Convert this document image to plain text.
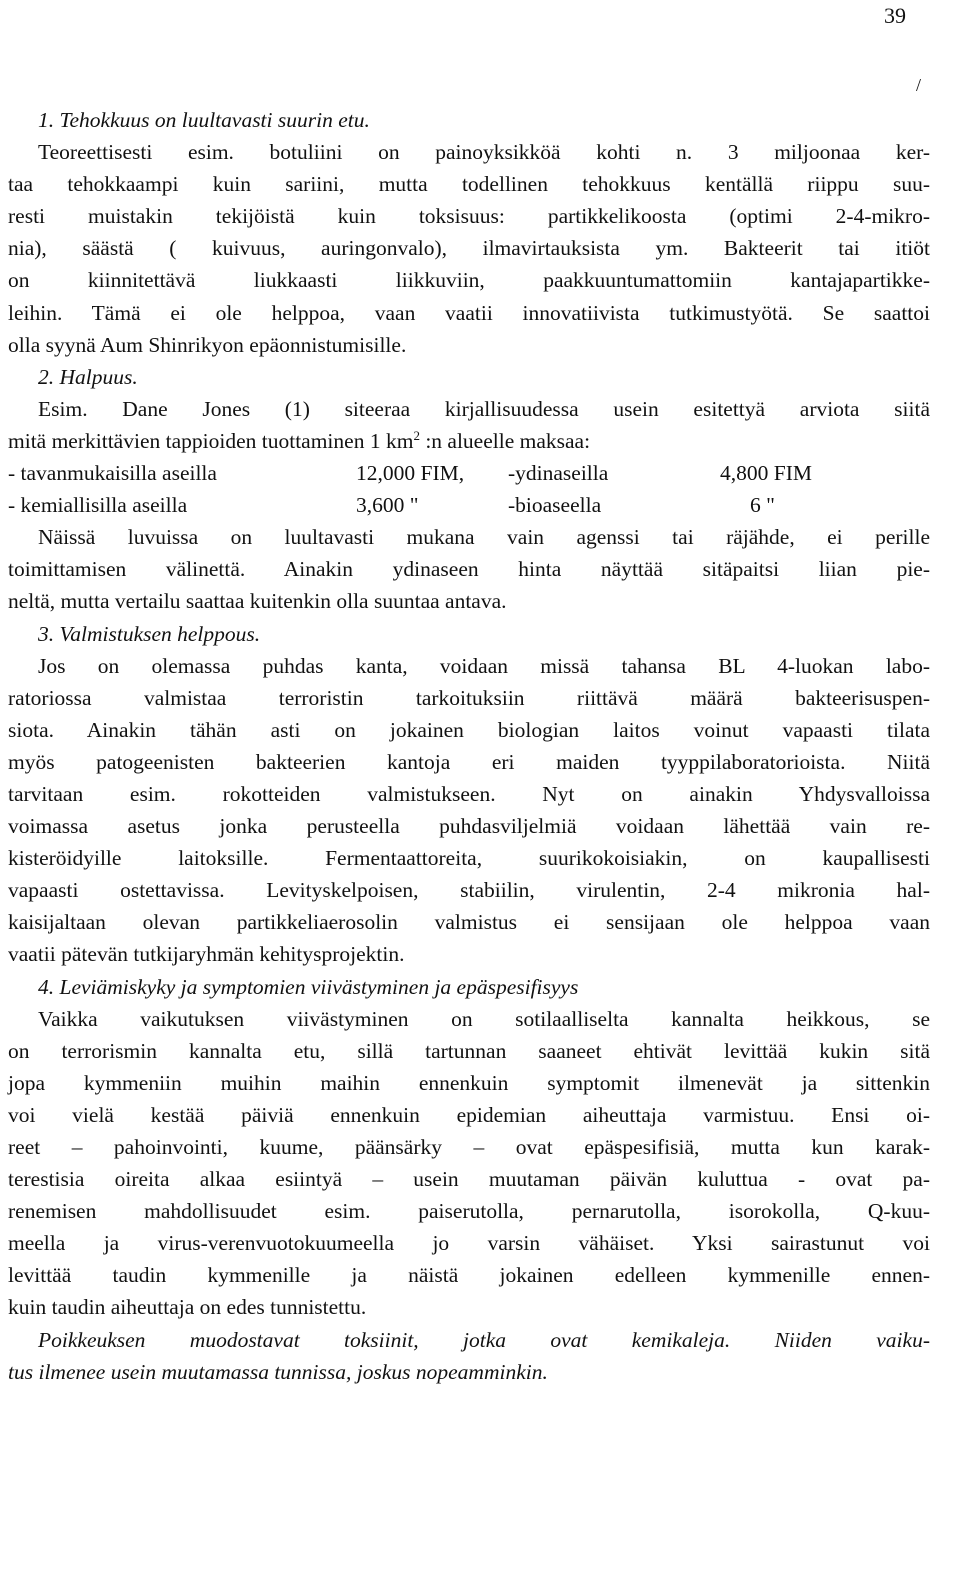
39
/
1. Tehokkuus on luultavasti suurin etu.
Teoreettisesti esim. botuliini on painoyksikköä kohti n. 3 miljoonaa ker-
taa tehokkaampi kuin sariini, mutta todellinen tehokkuus kentällä riippu suu-
resti muistakin tekijöistä kuin toksisuus: partikkelikoosta (optimi 2-4-mikro-
nia), säästä ( kuivuus, auringonvalo), ilmavirtauksista ym. Bakteerit tai itiöt
on kiinnitettävä liukkaasti liikkuviin, paakkuuntumattomiin kantajapartikke-
leihin. Tämä ei ole helppoa, vaan vaatii innovatiivista tutkimustyötä. Se saattoi
olla syynä Aum Shinrikyon epäonnistumisille.
2. Halpuus.
Esim. Dane Jones (1) siteeraa kirjallisuudessa usein esitettyä arviota siitä
mitä merkittävien tappioiden tuottaminen 1 $km^2$ :n alueelle maksaa:
- tavanmukaisilla aseilla	12,000 FIM,	-ydinaseilla	4,800 FIM
- kemiallisilla aseilla	3,600 "	-bioaseella	6 "
Näissä luvuissa on luultavasti mukana vain agenssi tai räjähde, ei perille
toimittamisen välinettä. Ainakin ydinaseen hinta näyttää sitäpaitsi liian pie-
neltä, mutta vertailu saattaa kuitenkin olla suuntaa antava.
3. Valmistuksen helppous.
Jos on olemassa puhdas kanta, voidaan missä tahansa BL 4-luokan labo-
ratoriossa valmistaa terroristin tarkoituksiin riittävä määrä bakteerisuspen-
siota. Ainakin tähän asti on jokainen biologian laitos voinut vapaasti tilata
myös patogeenisten bakteerien kantoja eri maiden tyyppilaboratorioista. Niitä
tarvitaan esim. rokotteiden valmistukseen. Nyt on ainakin Yhdysvalloissa
voimassa asetus jonka perusteella puhdasviljelmiä voidaan lähettää vain re-
kisteröidyille laitoksille. Fermentaattoreita, suurikokoisiakin, on kaupallisesti
vapaasti ostettavissa. Levityskelpoisen, stabiilin, virulentin, 2-4 mikronia hal-
kaisijaltaan olevan partikkeliaerosolin valmistus ei sensijaan ole helppoa vaan
vaatii pätevän tutkijaryhmän kehitysprojektin.
4. Leviämiskyky ja symptomien viivästyminen ja epäspesifisyys
Vaikka vaikutuksen viivästyminen on sotilaalliselta kannalta heikkous, se
on terrorismin kannalta etu, sillä tartunnan saaneet ehtivät levittää kukin sitä
jopa kymmeniin muihin maihin ennenkuin symptomit ilmenevät ja sittenkin
voi vielä kestää päiviä ennenkuin epidemian aiheuttaja varmistuu. Ensi oi-
reet – pahoinvointi, kuume, päänsärky – ovat epäspesifisiä, mutta kun karak-
terestisia oireita alkaa esiintyä – usein muutaman päivän kuluttua - ovat pa-
renemisen mahdollisuudet esim. paiserutolla, pernarutolla, isorokolla, Q-kuu-
meella ja virus-verenvuotokuumeella jo varsin vähäiset. Yksi sairastunut voi
levittää taudin kymmenille ja näistä jokainen edelleen kymmenille ennen-
kuin taudin aiheuttaja on edes tunnistettu.
Poikkeuksen muodostavat toksiinit, jotka ovat kemikaleja. Niiden vaiku-
tus ilmenee usein muutamassa tunnissa, joskus nopeamminkin.
